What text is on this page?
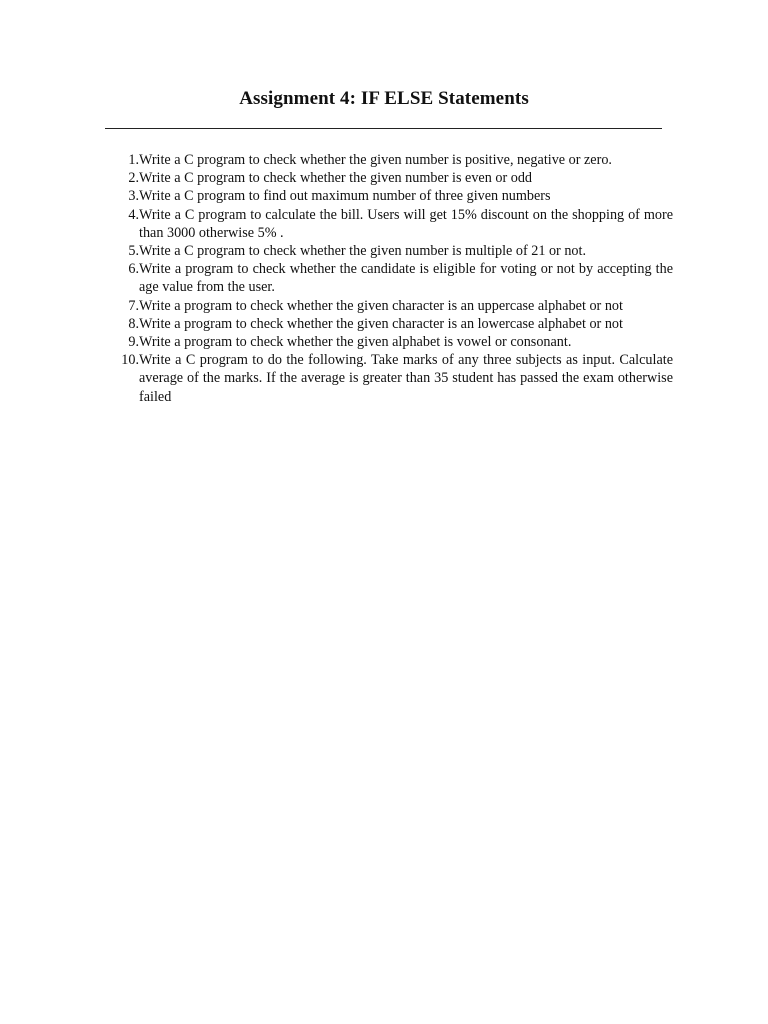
Assignment 4: IF ELSE Statements
1. Write a C program to check whether the given number is positive, negative or zero.
2. Write a C program to check whether the given number is even or odd
3. Write a C program to find out maximum number of three given numbers
4. Write a C program to calculate the bill. Users will get 15% discount on the shopping of more than 3000 otherwise 5% .
5. Write a C program to check whether the given number is multiple of 21 or not.
6. Write a program to check whether the candidate is eligible for voting or not by accepting the age value from the user.
7. Write a program to check whether the given character is an uppercase alphabet or not
8. Write a program to check whether the given character is an lowercase alphabet or not
9. Write a program to check whether the given alphabet is vowel or consonant.
10. Write a C program to do the following. Take marks of any three subjects as input. Calculate average of the marks. If the average is greater than 35 student has passed the exam otherwise failed
